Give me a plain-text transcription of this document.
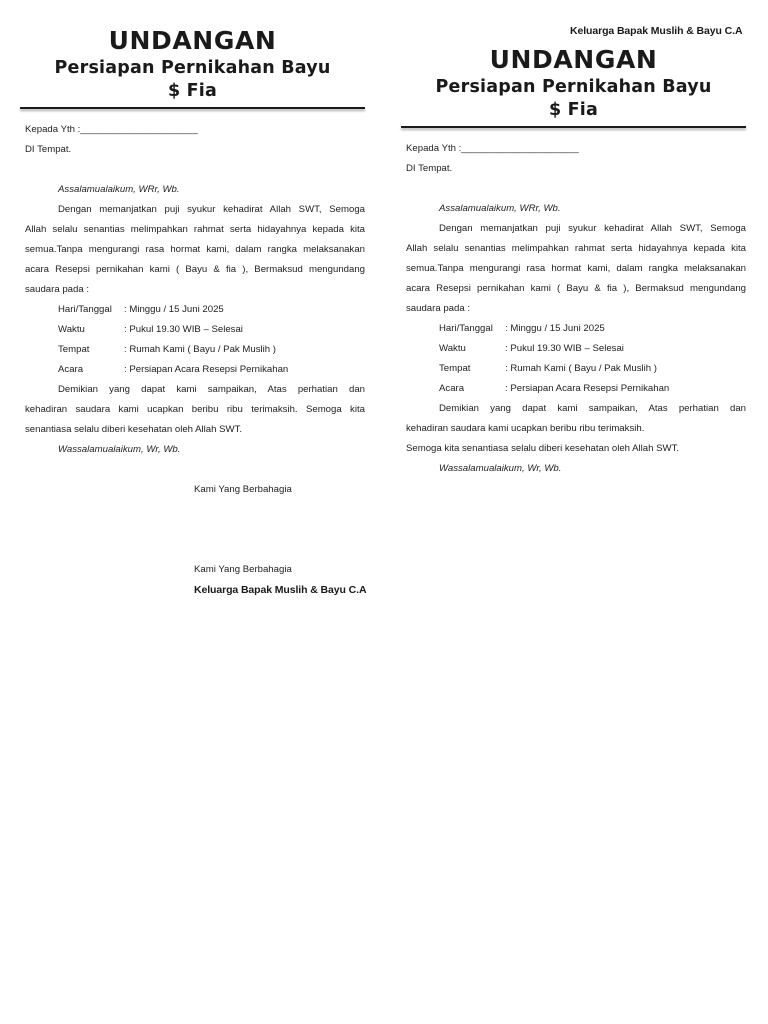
Keluarga Bapak Muslih & Bayu C.A
UNDANGAN
Persiapan Pernikahan Bayu $ Fia
Kepada Yth :______________________
DI Tempat.
Assalamualaikum, WRr, Wb.
Dengan memanjatkan puji syukur kehadirat Allah SWT, Semoga
Allah selalu senantias melimpahkan rahmat serta hidayahnya kepada kita
semua.Tanpa mengurangi rasa hormat kami, dalam rangka melaksanakan
acara Resepsi pernikahan kami ( Bayu & fia ), Bermaksud mengundang
saudara pada :
Hari/Tanggal	: Minggu / 15 Juni 2025
Waktu	: Pukul 19.30 WIB – Selesai
Tempat	: Rumah Kami ( Bayu / Pak Muslih )
Acara	: Persiapan Acara Resepsi Pernikahan
Demikian yang dapat kami sampaikan, Atas perhatian dan
kehadiran saudara kami ucapkan beribu ribu terimaksih. Semoga kita
senantiasa selalu diberi kesehatan oleh Allah SWT.
Wassalamualaikum, Wr, Wb.
Kami Yang Berbahagia
Kami Yang Berbahagia
Keluarga Bapak Muslih & Bayu C.A
UNDANGAN
Persiapan Pernikahan Bayu $ Fia
Kepada Yth :______________________
DI Tempat.
Assalamualaikum, WRr, Wb.
Dengan memanjatkan puji syukur kehadirat Allah SWT, Semoga
Allah selalu senantias melimpahkan rahmat serta hidayahnya kepada kita
semua.Tanpa mengurangi rasa hormat kami, dalam rangka melaksanakan
acara Resepsi pernikahan kami ( Bayu & fia ), Bermaksud mengundang
saudara pada :
Hari/Tanggal	: Minggu / 15 Juni 2025
Waktu	: Pukul 19.30 WIB – Selesai
Tempat	: Rumah Kami ( Bayu / Pak Muslih )
Acara	: Persiapan Acara Resepsi Pernikahan
Demikian yang dapat kami sampaikan, Atas perhatian dan
kehadiran saudara kami ucapkan beribu ribu terimaksih.
Semoga kita senantiasa selalu diberi kesehatan oleh Allah SWT.
Wassalamualaikum, Wr, Wb.
